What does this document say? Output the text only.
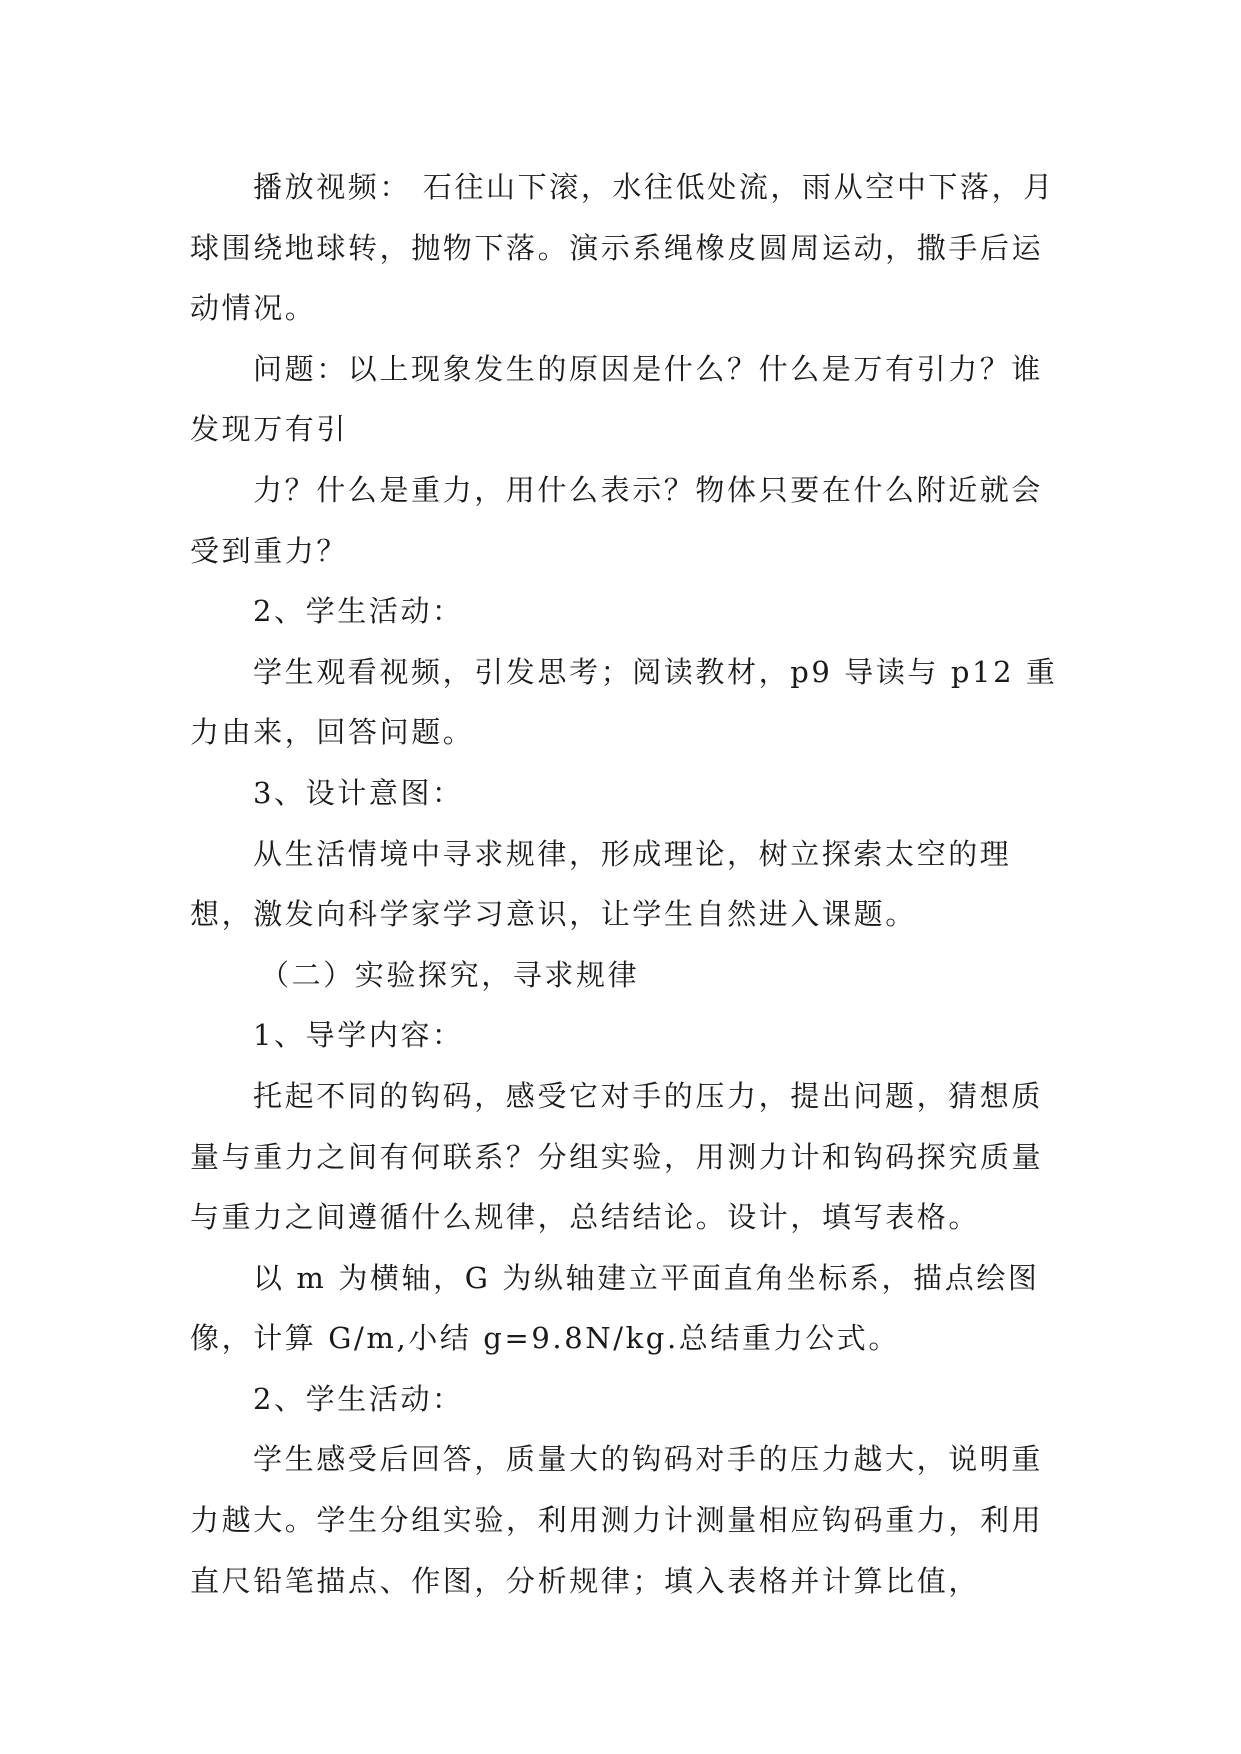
播放视频： 石往山下滚，水往低处流，雨从空中下落，月球围绕地球转，抛物下落。演示系绳橡皮圆周运动，撒手后运动情况。

问题：以上现象发生的原因是什么？什么是万有引力？谁发现万有引

力？什么是重力，用什么表示？物体只要在什么附近就会受到重力？

2、学生活动：

学生观看视频，引发思考；阅读教材，p9 导读与 p12 重力由来，回答问题。

3、设计意图：

从生活情境中寻求规律，形成理论，树立探索太空的理想，激发向科学家学习意识，让学生自然进入课题。

（二）实验探究，寻求规律

1、导学内容：

托起不同的钩码，感受它对手的压力，提出问题，猜想质量与重力之间有何联系？分组实验，用测力计和钩码探究质量与重力之间遵循什么规律，总结结论。设计，填写表格。

以 m 为横轴，G 为纵轴建立平面直角坐标系，描点绘图像，计算 G/m,小结 g=9.8N/kg.总结重力公式。

2、学生活动：

学生感受后回答，质量大的钩码对手的压力越大，说明重力越大。学生分组实验，利用测力计测量相应钩码重力，利用直尺铅笔描点、作图，分析规律；填入表格并计算比值，
